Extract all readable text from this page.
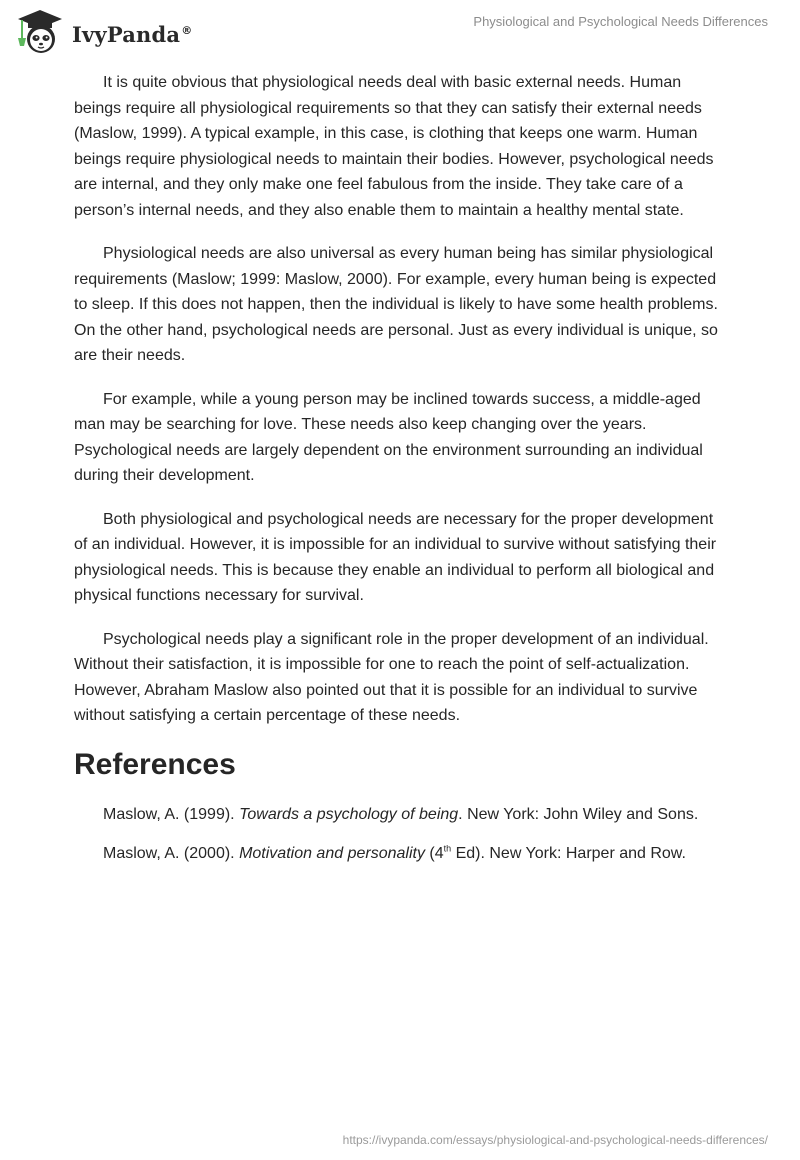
IvyPanda®
Physiological and Psychological Needs Differences

It is quite obvious that physiological needs deal with basic external needs. Human beings require all physiological requirements so that they can satisfy their external needs (Maslow, 1999). A typical example, in this case, is clothing that keeps one warm. Human beings require physiological needs to maintain their bodies. However, psychological needs are internal, and they only make one feel fabulous from the inside. They take care of a person’s internal needs, and they also enable them to maintain a healthy mental state.

Physiological needs are also universal as every human being has similar physiological requirements (Maslow; 1999: Maslow, 2000). For example, every human being is expected to sleep. If this does not happen, then the individual is likely to have some health problems. On the other hand, psychological needs are personal. Just as every individual is unique, so are their needs.

For example, while a young person may be inclined towards success, a middle-aged man may be searching for love. These needs also keep changing over the years. Psychological needs are largely dependent on the environment surrounding an individual during their development.

Both physiological and psychological needs are necessary for the proper development of an individual. However, it is impossible for an individual to survive without satisfying their physiological needs. This is because they enable an individual to perform all biological and physical functions necessary for survival.

Psychological needs play a significant role in the proper development of an individual. Without their satisfaction, it is impossible for one to reach the point of self-actualization. However, Abraham Maslow also pointed out that it is possible for an individual to survive without satisfying a certain percentage of these needs.

References

Maslow, A. (1999). Towards a psychology of being. New York: John Wiley and Sons.

Maslow, A. (2000). Motivation and personality (4th Ed). New York: Harper and Row.

https://ivypanda.com/essays/physiological-and-psychological-needs-differences/
